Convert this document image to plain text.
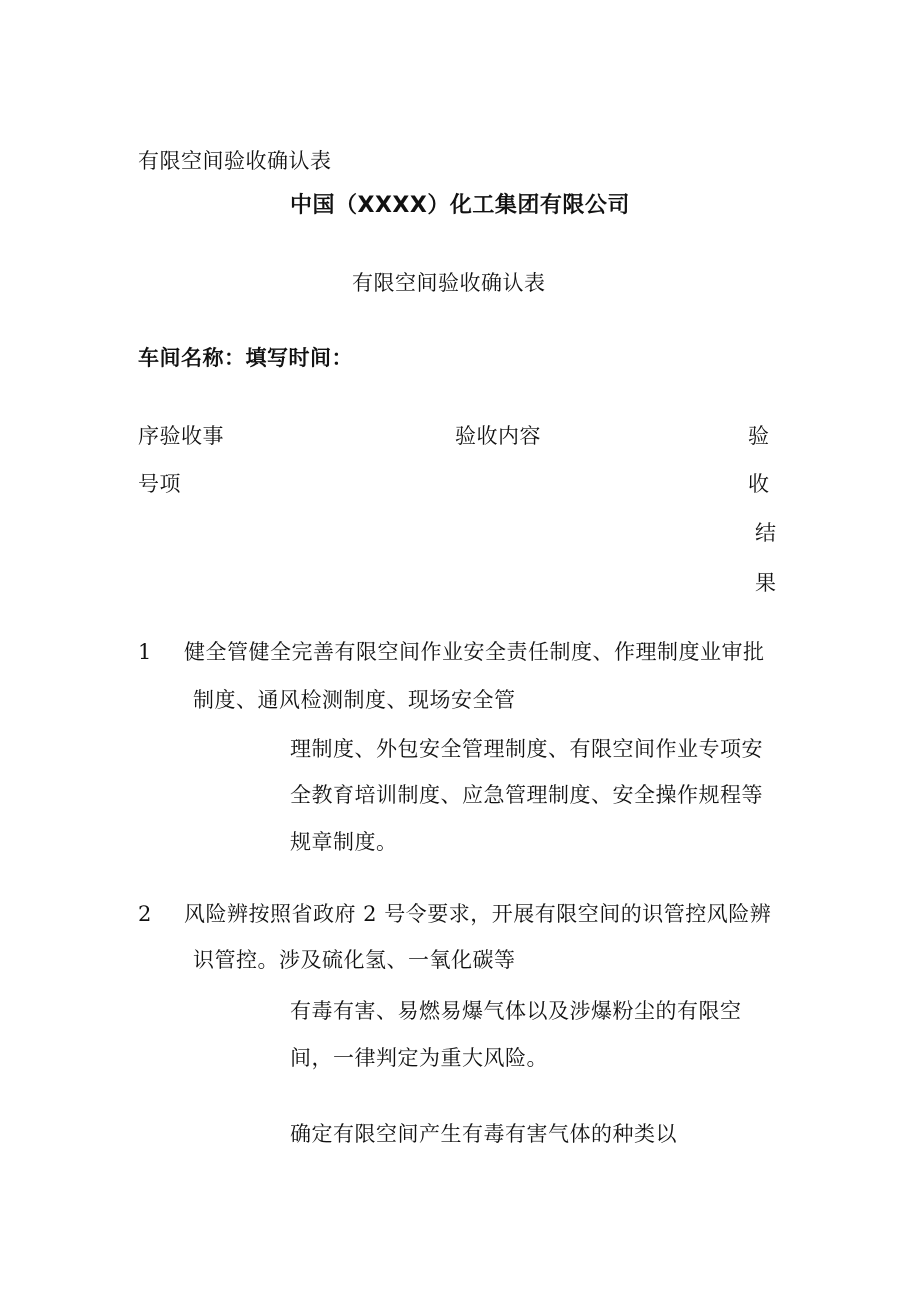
有限空间验收确认表
中国（XXXX）化工集团有限公司
有限空间验收确认表
车间名称：填写时间：
序验收事
号项
验收内容	验
收
结
果
1 健全管健全完善有限空间作业安全责任制度、作理制度业审批
制度、通风检测制度、现场安全管
理制度、外包安全管理制度、有限空间作业专项安
全教育培训制度、应急管理制度、安全操作规程等
规章制度。
2 风险辨按照省政府 2 号令要求，开展有限空间的识管控风险辨
识管控。涉及硫化氢、一氧化碳等
有毒有害、易燃易爆气体以及涉爆粉尘的有限空
间，一律判定为重大风险。
确定有限空间产生有毒有害气体的种类以
